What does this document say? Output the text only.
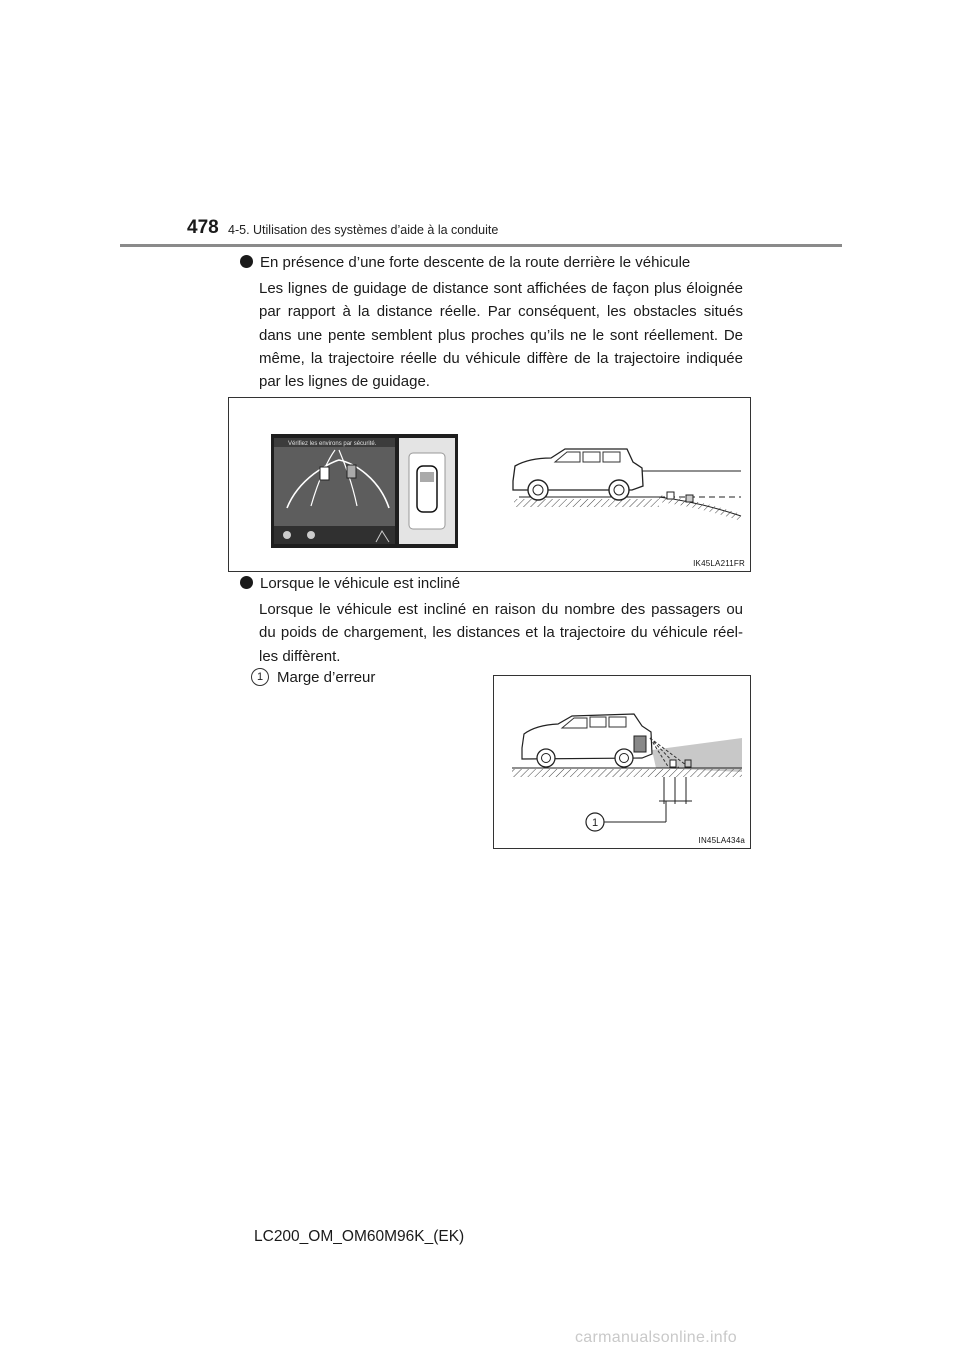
478 4-5. Utilisation des systèmes d’aide à la conduite
En présence d’une forte descente de la route derrière le véhicule
Les lignes de guidage de distance sont affichées de façon plus éloignée par rapport à la distance réelle. Par conséquent, les obstacles situés dans une pente semblent plus proches qu’ils ne le sont réellement. De même, la trajectoire réelle du véhicule diffère de la trajectoire indiquée par les lignes de guidage.
Vérifiez les environs par sécurité.
IK45LA211FR
Lorsque le véhicule est incliné
Lorsque le véhicule est incliné en raison du nombre des passagers ou du poids de chargement, les distances et la trajectoire du véhicule réel-les diffèrent.
1 Marge d’erreur
1
IN45LA434a
LC200_OM_OM60M96K_(EK)
carmanualsonline.info
